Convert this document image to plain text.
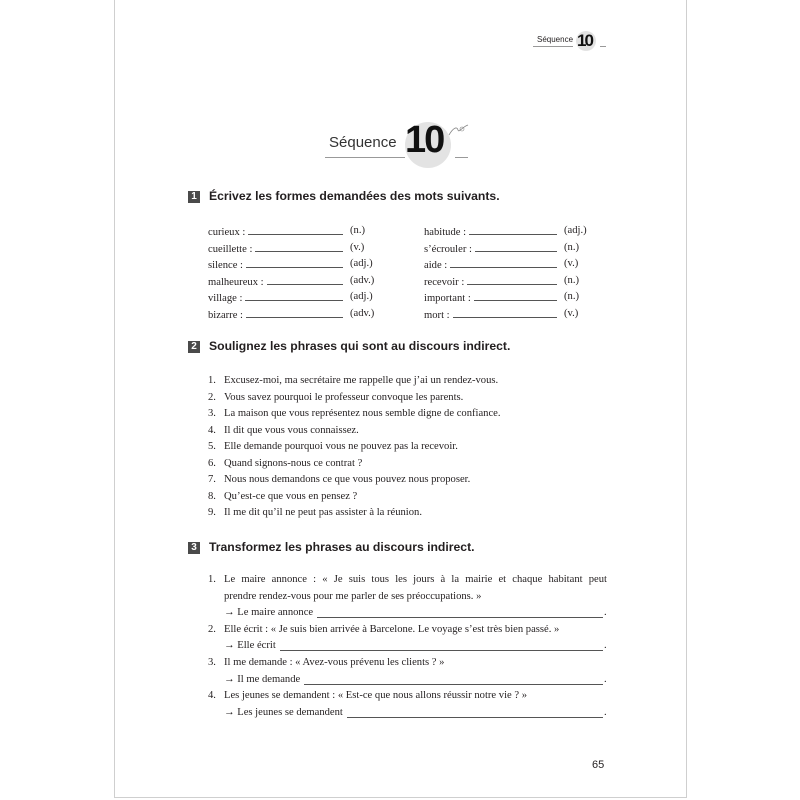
Séquence 10
Séquence 10
1 Écrivez les formes demandées des mots suivants.
curieux :	(n.)
cueillette :	(v.)
silence :	(adj.)
malheureux :	(adv.)
village :	(adj.)
bizarre :	(adv.)
habitude :	(adj.)
s’écrouler :	(n.)
aide :	(v.)
recevoir :	(n.)
important :	(n.)
mort :	(v.)
2 Soulignez les phrases qui sont au discours indirect.
1. Excusez-moi, ma secrétaire me rappelle que j’ai un rendez-vous.
2. Vous savez pourquoi le professeur convoque les parents.
3. La maison que vous représentez nous semble digne de confiance.
4. Il dit que vous vous connaissez.
5. Elle demande pourquoi vous ne pouvez pas la recevoir.
6. Quand signons-nous ce contrat ?
7. Nous nous demandons ce que vous pouvez nous proposer.
8. Qu’est-ce que vous en pensez ?
9. Il me dit qu’il ne peut pas assister à la réunion.
3 Transformez les phrases au discours indirect.
1. Le maire annonce : « Je suis tous les jours à la mairie et chaque habitant peut
prendre rendez-vous pour me parler de ses préoccupations. »
→ Le maire annonce	.
2. Elle écrit : « Je suis bien arrivée à Barcelone. Le voyage s’est très bien passé. »
→ Elle écrit	.
3. Il me demande : « Avez-vous prévenu les clients ? »
→ Il me demande	.
4. Les jeunes se demandent : « Est-ce que nous allons réussir notre vie ? »
→ Les jeunes se demandent	.
65
